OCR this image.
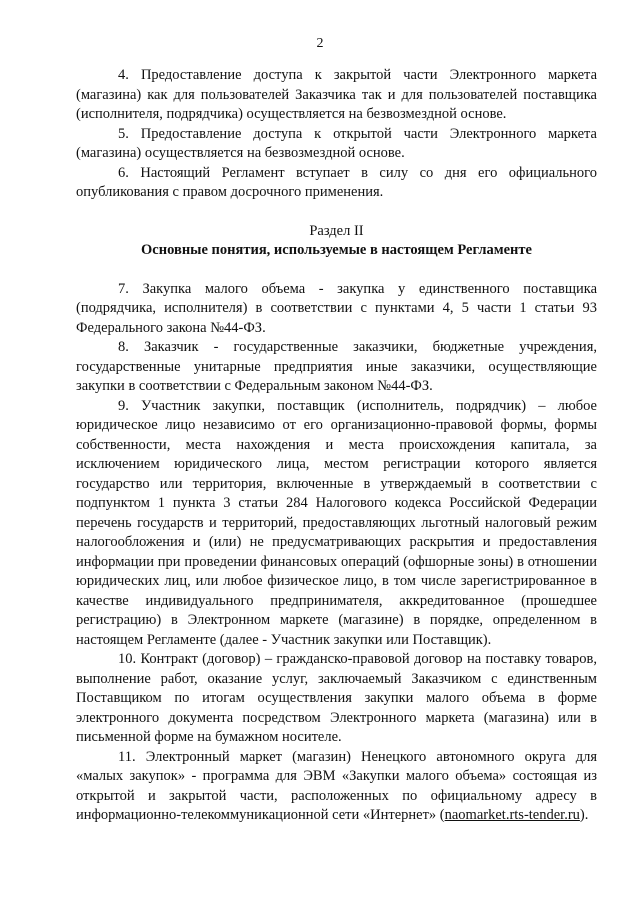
2

4. Предоставление доступа к закрытой части Электронного маркета (магазина) как для пользователей Заказчика так и для пользователей поставщика (исполнителя, подрядчика) осуществляется на безвозмездной основе.

5. Предоставление доступа к открытой части Электронного маркета (магазина) осуществляется на безвозмездной основе.

6. Настоящий Регламент вступает в силу со дня его официального опубликования с правом досрочного применения.

Раздел II

Основные понятия, используемые в настоящем Регламенте

7. Закупка малого объема - закупка у единственного поставщика (подрядчика, исполнителя) в соответствии с пунктами 4, 5 части 1 статьи 93 Федерального закона №44-ФЗ.

8. Заказчик - государственные заказчики, бюджетные учреждения, государственные унитарные предприятия иные заказчики, осуществляющие закупки в соответствии с Федеральным законом №44-ФЗ.

9. Участник закупки, поставщик (исполнитель, подрядчик) – любое юридическое лицо независимо от его организационно-правовой формы, формы собственности, места нахождения и места происхождения капитала, за исключением юридического лица, местом регистрации которого является государство или территория, включенные в утверждаемый в соответствии с подпунктом 1 пункта 3 статьи 284 Налогового кодекса Российской Федерации перечень государств и территорий, предоставляющих льготный налоговый режим налогообложения и (или) не предусматривающих раскрытия и предоставления информации при проведении финансовых операций (офшорные зоны) в отношении юридических лиц, или любое физическое лицо, в том числе зарегистрированное в качестве индивидуального предпринимателя, аккредитованное (прошедшее регистрацию) в Электронном маркете (магазине) в порядке, определенном в настоящем Регламенте (далее - Участник закупки или Поставщик).

10. Контракт (договор) – гражданско-правовой договор на поставку товаров, выполнение работ, оказание услуг, заключаемый Заказчиком с единственным Поставщиком по итогам осуществления закупки малого объема в форме электронного документа посредством Электронного маркета (магазина) или в письменной форме на бумажном носителе.

11. Электронный маркет (магазин) Ненецкого автономного округа для «малых закупок» - программа для ЭВМ «Закупки малого объема» состоящая из открытой и закрытой части, расположенных по официальному адресу в информационно-телекоммуникационной сети «Интернет» (naomarket.rts-tender.ru).
